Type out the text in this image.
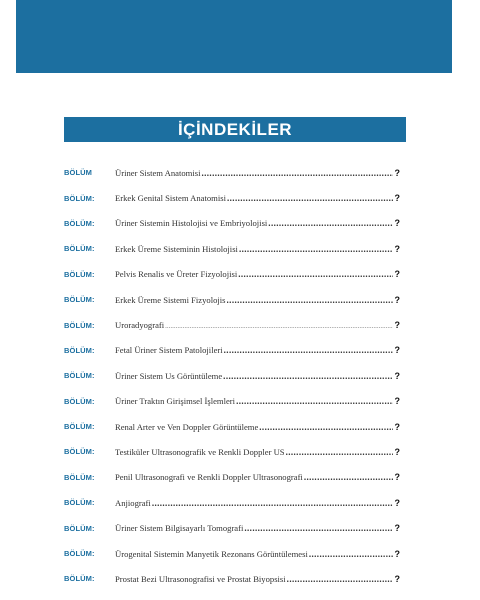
İÇİNDEKİLER
BÖLÜM	Üriner Sistem Anatomisi .....	?
BÖLÜM:	Erkek Genital Sistem Anatomisi .....	?
BÖLÜM:	Üriner Sistemin Histolojisi ve Embriyolojisi .....	?
BÖLÜM:	Erkek Üreme Sisteminin Histolojisi .....	?
BÖLÜM:	Pelvis Renalis ve Üreter Fizyolojisi .....	?
BÖLÜM:	Erkek Üreme Sistemi Fizyolojis .....	?
BÖLÜM:	Uroradyografi .....	?
BÖLÜM:	Fetal Üriner Sistem Patolojileri .....	?
BÖLÜM:	Üriner Sistem Us Görüntüleme .....	?
BÖLÜM:	Üriner Traktın Girişimsel İşlemleri .....	?
BÖLÜM:	Renal Arter ve Ven Doppler Görüntüleme .....	?
BÖLÜM:	Testiküler Ultrasonografik ve Renkli Doppler US .....	?
BÖLÜM:	Penil Ultrasonografi ve Renkli Doppler Ultrasonografi .....	?
BÖLÜM:	Anjiografi .....	?
BÖLÜM:	Üriner Sistem Bilgisayarlı Tomografi .....	?
BÖLÜM:	Ürogenital Sistemin Manyetik Rezonans Görüntülemesi .....	?
BÖLÜM:	Prostat Bezi Ultrasonografisi ve Prostat Biyopsisi .....	?
